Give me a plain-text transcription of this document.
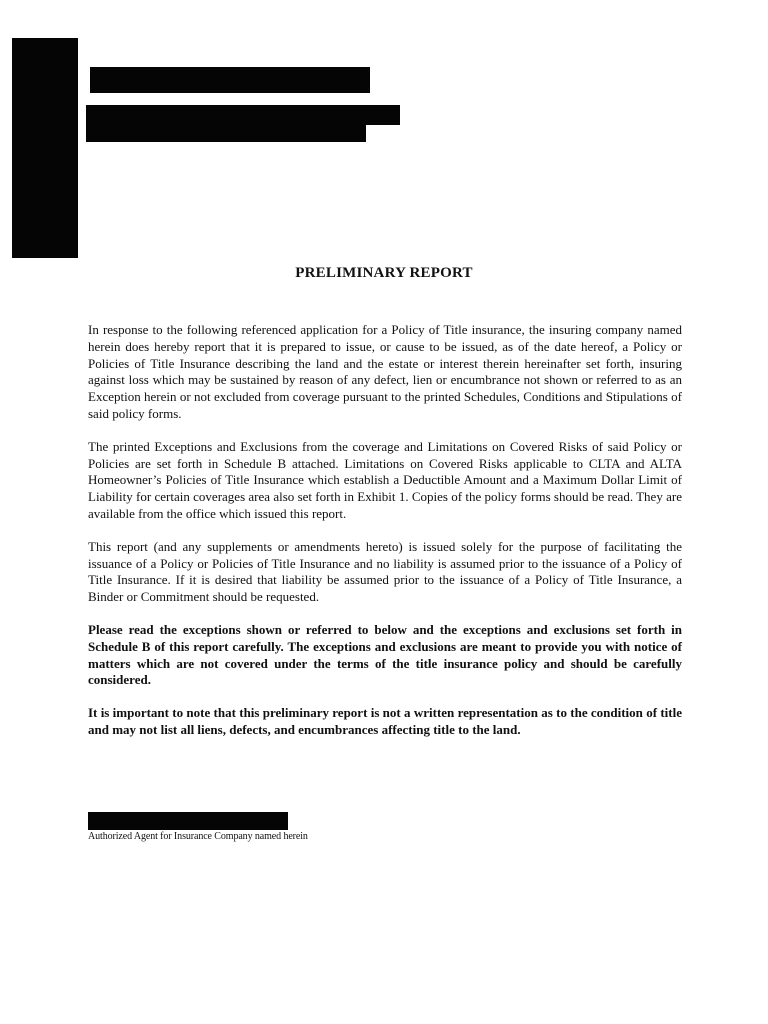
PRELIMINARY REPORT

In response to the following referenced application for a Policy of Title insurance, the insuring company named herein does hereby report that it is prepared to issue, or cause to be issued, as of the date hereof, a Policy or Policies of Title Insurance describing the land and the estate or interest therein hereinafter set forth, insuring against loss which may be sustained by reason of any defect, lien or encumbrance not shown or referred to as an Exception herein or not excluded from coverage pursuant to the printed Schedules, Conditions and Stipulations of said policy forms.

The printed Exceptions and Exclusions from the coverage and Limitations on Covered Risks of said Policy or Policies are set forth in Schedule B attached. Limitations on Covered Risks applicable to CLTA and ALTA Homeowner’s Policies of Title Insurance which establish a Deductible Amount and a Maximum Dollar Limit of Liability for certain coverages area also set forth in Exhibit 1. Copies of the policy forms should be read. They are available from the office which issued this report.

This report (and any supplements or amendments hereto) is issued solely for the purpose of facilitating the issuance of a Policy or Policies of Title Insurance and no liability is assumed prior to the issuance of a Policy of Title Insurance. If it is desired that liability be assumed prior to the issuance of a Policy of Title Insurance, a Binder or Commitment should be requested.

Please read the exceptions shown or referred to below and the exceptions and exclusions set forth in Schedule B of this report carefully. The exceptions and exclusions are meant to provide you with notice of matters which are not covered under the terms of the title insurance policy and should be carefully considered.

It is important to note that this preliminary report is not a written representation as to the condition of title and may not list all liens, defects, and encumbrances affecting title to the land.

Authorized Agent for Insurance Company named herein
